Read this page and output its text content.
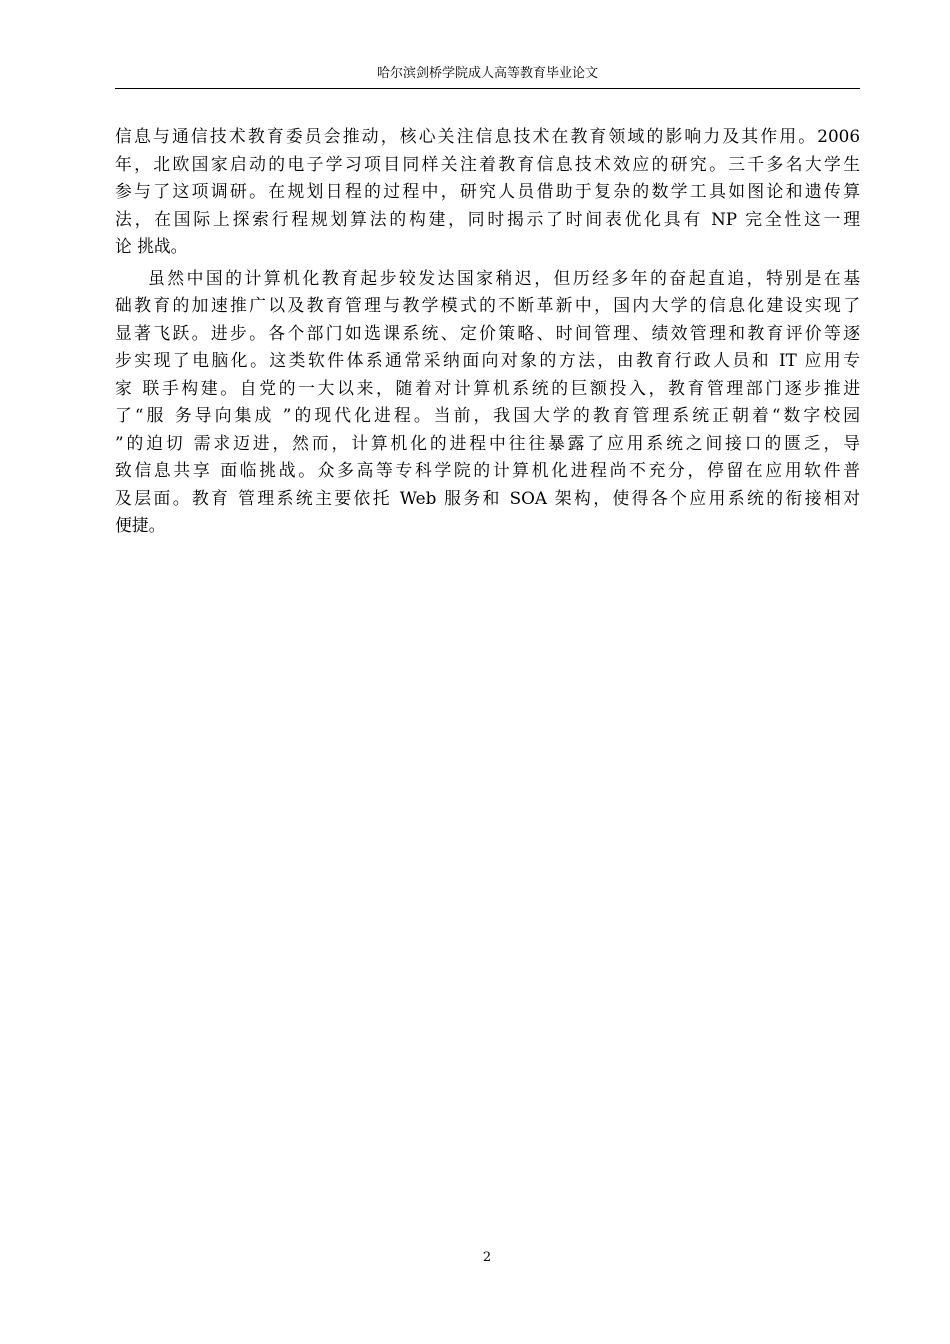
哈尔滨剑桥学院成人高等教育毕业论文
信息与通信技术教育委员会推动，核心关注信息技术在教育领域的影响力及其作用。2006
年，北欧国家启动的电子学习项目同样关注着教育信息技术效应的研究。三千多名大学生
参与了这项调研。在规划日程的过程中，研究人员借助于复杂的数学工具如图论和遗传算
法，在国际上探索行程规划算法的构建，同时揭示了时间表优化具有 NP 完全性这一理
论 挑战。
虽然中国的计算机化教育起步较发达国家稍迟，但历经多年的奋起直追，特别是在基
础教育的加速推广以及教育管理与教学模式的不断革新中，国内大学的信息化建设实现了
显著飞跃。进步。各个部门如选课系统、定价策略、时间管理、绩效管理和教育评价等逐
步实现了电脑化。这类软件体系通常采纳面向对象的方法，由教育行政人员和 IT 应用专
家 联手构建。自党的一大以来，随着对计算机系统的巨额投入，教育管理部门逐步推进
了“服 务导向集成 ”的现代化进程。当前，我国大学的教育管理系统正朝着“数字校园
”的迫切 需求迈进，然而，计算机化的进程中往往暴露了应用系统之间接口的匮乏，导
致信息共享 面临挑战。众多高等专科学院的计算机化进程尚不充分，停留在应用软件普
及层面。教育 管理系统主要依托 Web 服务和 SOA 架构，使得各个应用系统的衔接相对
便捷。
2
